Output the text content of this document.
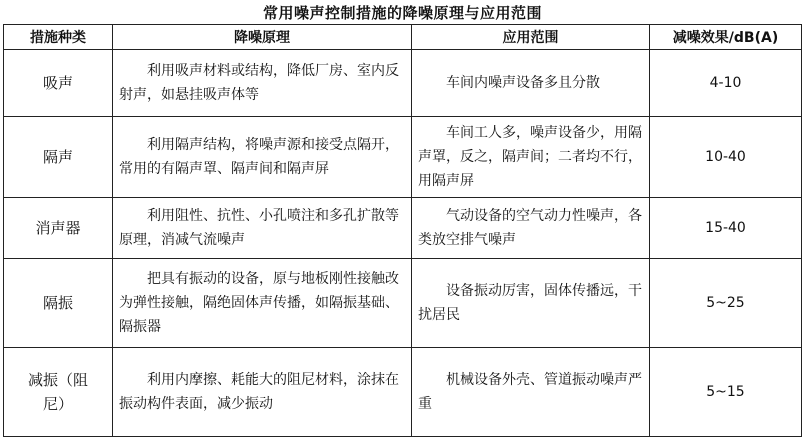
常用噪声控制措施的降噪原理与应用范围
措施种类	降噪原理	应用范围	减噪效果/dB(A)
吸声	利用吸声材料或结构，降低厂房、室内反射声，如悬挂吸声体等	车间内噪声设备多且分散	4-10
隔声	利用隔声结构，将噪声源和接受点隔开，常用的有隔声罩、隔声间和隔声屏	车间工人多，噪声设备少，用隔声罩，反之，隔声间；二者均不行，用隔声屏	10-40
消声器	利用阻性、抗性、小孔喷注和多孔扩散等原理，消减气流噪声	气动设备的空气动力性噪声，各类放空排气噪声	15-40
隔振	把具有振动的设备，原与地板刚性接触改为弹性接触，隔绝固体声传播，如隔振基础、隔振器	设备振动厉害，固体传播远，干扰居民	5~25
减振（阻尼）	利用内摩擦、耗能大的阻尼材料，涂抹在振动构件表面，减少振动	机械设备外壳、管道振动噪声严重	5~15
